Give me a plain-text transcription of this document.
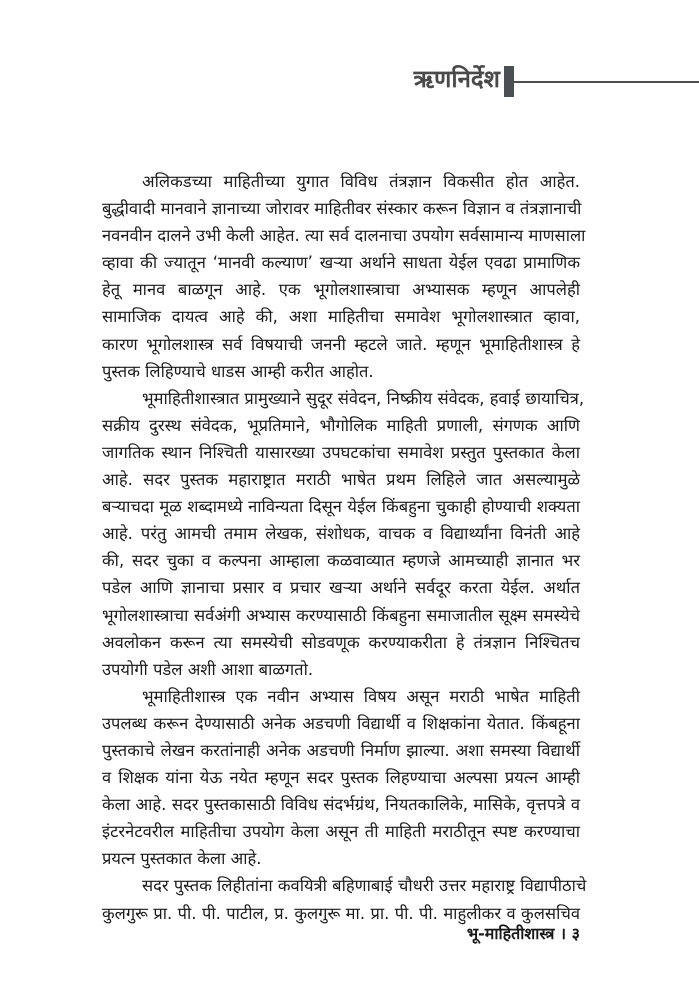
ऋणनिर्देश
अलिकडच्या माहितीच्या युगात विविध तंत्रज्ञान विकसीत होत आहेत.
बुद्धीवादी मानवाने ज्ञानाच्या जोरावर माहितीवर संस्कार करून विज्ञान व तंत्रज्ञानाची
नवनवीन दालने उभी केली आहेत. त्या सर्व दालनाचा उपयोग सर्वसामान्य माणसाला
व्हावा की ज्यातून ‘मानवी कल्याण’ खऱ्या अर्थाने साधता येईल एवढा प्रामाणिक
हेतू मानव बाळगून आहे. एक भूगोलशास्त्राचा अभ्यासक म्हणून आपलेही
सामाजिक दायत्व आहे की, अशा माहितीचा समावेश भूगोलशास्त्रात व्हावा,
कारण भूगोलशास्त्र सर्व विषयाची जननी म्हटले जाते. म्हणून भूमाहितीशास्त्र हे
पुस्तक लिहिण्याचे धाडस आम्ही करीत आहोत.
भूमाहितीशास्त्रात प्रामुख्याने सुदूर संवेदन, निष्क्रीय संवेदक, हवाई छायाचित्र,
सक्रीय दुरस्थ संवेदक, भूप्रतिमाने, भौगोलिक माहिती प्रणाली, संगणक आणि
जागतिक स्थान निश्चिती यासारख्या उपघटकांचा समावेश प्रस्तुत पुस्तकात केला
आहे. सदर पुस्तक महाराष्ट्रात मराठी भाषेत प्रथम लिहिले जात असल्यामुळे
बऱ्याचदा मूळ शब्दामध्ये नाविन्यता दिसून येईल किंबहुना चुकाही होण्याची शक्यता
आहे. परंतु आमची तमाम लेखक, संशोधक, वाचक व विद्यार्थ्यांना विनंती आहे
की, सदर चुका व कल्पना आम्हाला कळवाव्यात म्हणजे आमच्याही ज्ञानात भर
पडेल आणि ज्ञानाचा प्रसार व प्रचार खऱ्या अर्थाने सर्वदूर करता येईल. अर्थात
भूगोलशास्त्राचा सर्वअंगी अभ्यास करण्यासाठी किंबहुना समाजातील सूक्ष्म समस्येचे
अवलोकन करून त्या समस्येची सोडवणूक करण्याकरीता हे तंत्रज्ञान निश्चितच
उपयोगी पडेल अशी आशा बाळगतो.
भूमाहितीशास्त्र एक नवीन अभ्यास विषय असून मराठी भाषेत माहिती
उपलब्ध करून देण्यासाठी अनेक अडचणी विद्यार्थी व शिक्षकांना येतात. किंबहूना
पुस्तकाचे लेखन करतांनाही अनेक अडचणी निर्माण झाल्या. अशा समस्या विद्यार्थी
व शिक्षक यांना येऊ नयेत म्हणून सदर पुस्तक लिहण्याचा अल्पसा प्रयत्न आम्ही
केला आहे. सदर पुस्तकासाठी विविध संदर्भग्रंथ, नियतकालिके, मासिके, वृत्तपत्रे व
इंटरनेटवरील माहितीचा उपयोग केला असून ती माहिती मराठीतून स्पष्ट करण्याचा
प्रयत्न पुस्तकात केला आहे.
सदर पुस्तक लिहीतांना कवयित्री बहिणाबाई चौधरी उत्तर महाराष्ट्र विद्यापीठाचे
कुलगुरू प्रा. पी. पी. पाटील, प्र. कुलगुरू मा. प्रा. पी. पी. माहुलीकर व कुलसचिव
भू-माहितीशास्त्र । ३
